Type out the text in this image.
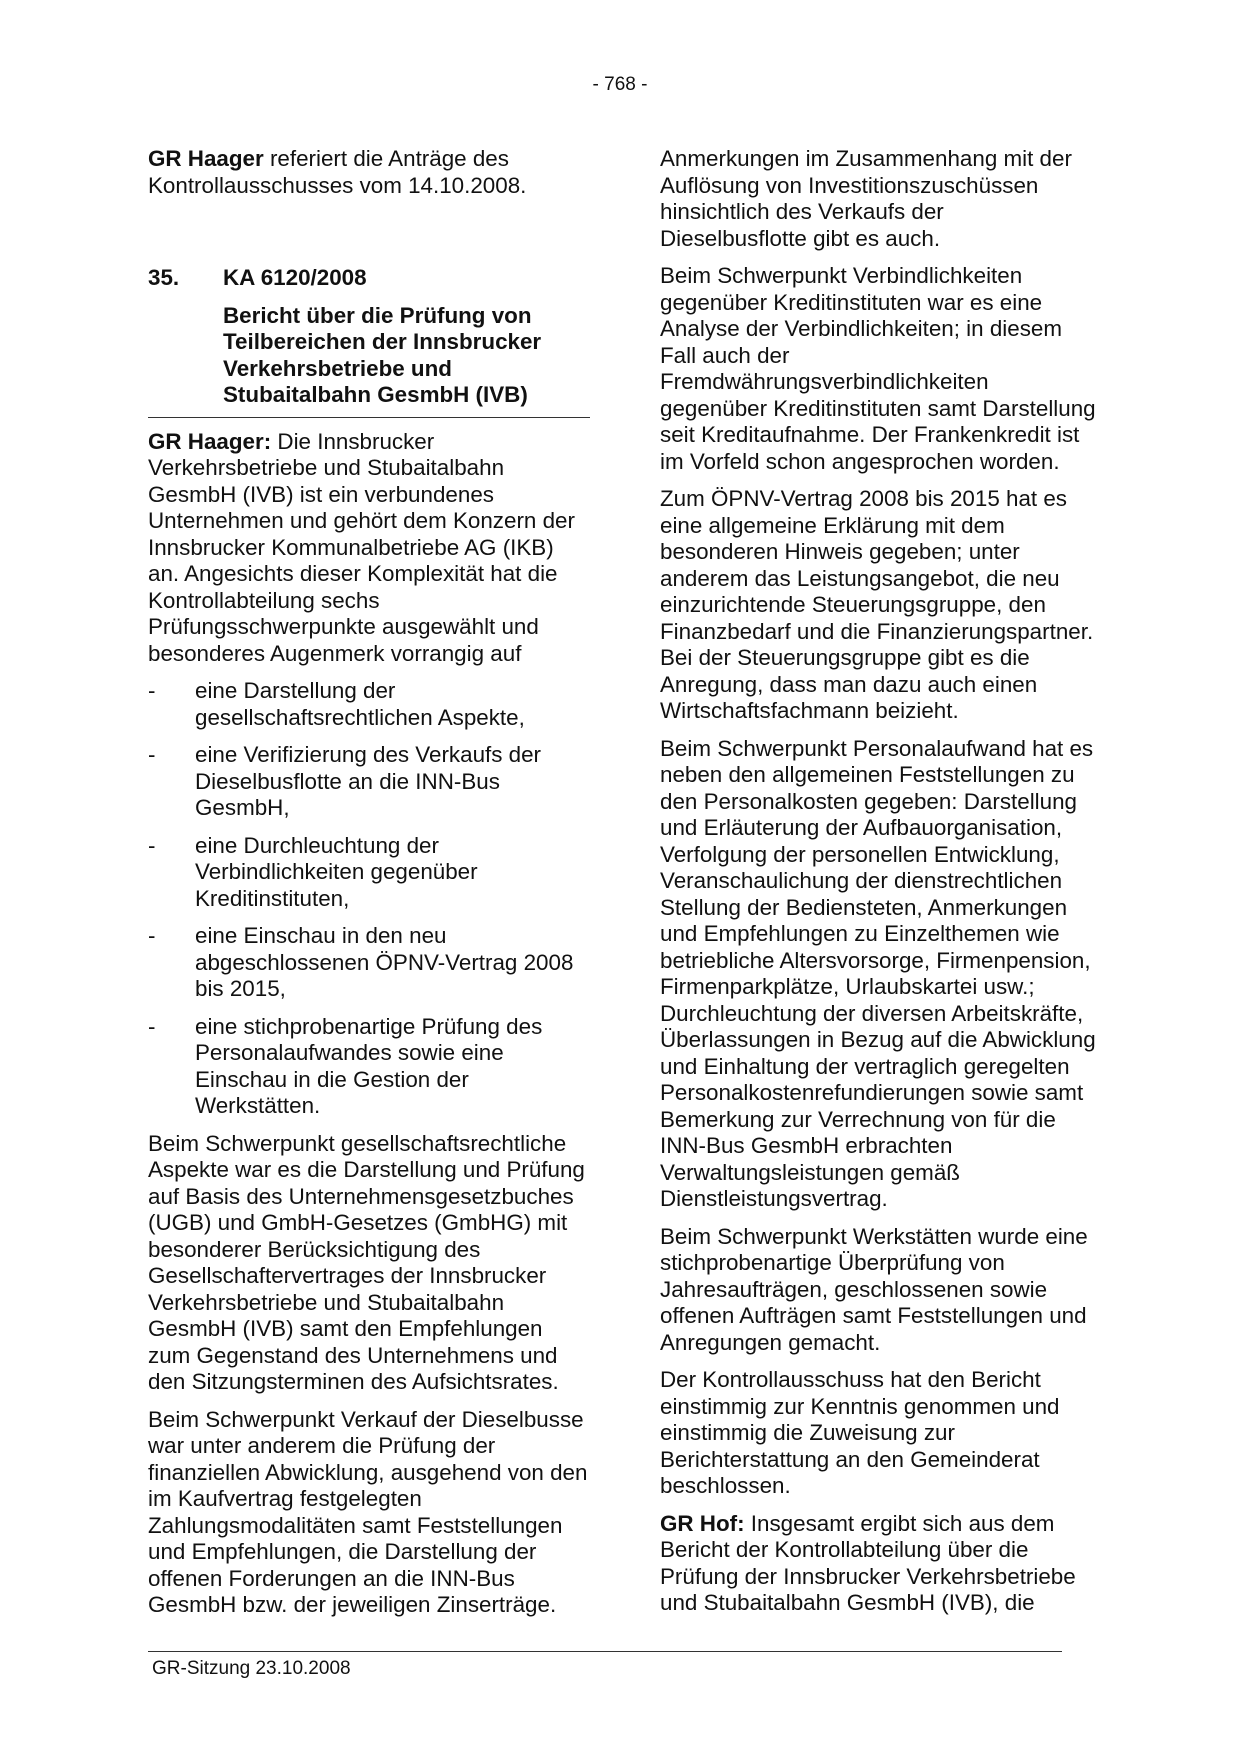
- 768 -

GR Haager referiert die Anträge des Kontrollausschusses vom 14.10.2008.

35.	KA 6120/2008
Bericht über die Prüfung von Teilbereichen der Innsbrucker Verkehrsbetriebe und Stubaitalbahn GesmbH (IVB)

GR Haager: Die Innsbrucker Verkehrsbetriebe und Stubaitalbahn GesmbH (IVB) ist ein verbundenes Unternehmen und gehört dem Konzern der Innsbrucker Kommunalbetriebe AG (IKB) an. Angesichts dieser Komplexität hat die Kontrollabteilung sechs Prüfungsschwerpunkte ausgewählt und besonderes Augenmerk vorrangig auf

-	eine Darstellung der gesellschaftsrechtlichen Aspekte,
-	eine Verifizierung des Verkaufs der Dieselbusflotte an die INN-Bus GesmbH,
-	eine Durchleuchtung der Verbindlichkeiten gegenüber Kreditinstituten,
-	eine Einschau in den neu abgeschlossenen ÖPNV-Vertrag 2008 bis 2015,
-	eine stichprobenartige Prüfung des Personalaufwandes sowie eine Einschau in die Gestion der Werkstätten.

Beim Schwerpunkt gesellschaftsrechtliche Aspekte war es die Darstellung und Prüfung auf Basis des Unternehmensgesetzbuches (UGB) und GmbH-Gesetzes (GmbHG) mit besonderer Berücksichtigung des Gesellschaftervertrages der Innsbrucker Verkehrsbetriebe und Stubaitalbahn GesmbH (IVB) samt den Empfehlungen zum Gegenstand des Unternehmens und den Sitzungsterminen des Aufsichtsrates.

Beim Schwerpunkt Verkauf der Dieselbusse war unter anderem die Prüfung der finanziellen Abwicklung, ausgehend von den im Kaufvertrag festgelegten Zahlungsmodalitäten samt Feststellungen und Empfehlungen, die Darstellung der offenen Forderungen an die INN-Bus GesmbH bzw. der jeweiligen Zinserträge.

Anmerkungen im Zusammenhang mit der Auflösung von Investitionszuschüssen hinsichtlich des Verkaufs der Dieselbusflotte gibt es auch.

Beim Schwerpunkt Verbindlichkeiten gegenüber Kreditinstituten war es eine Analyse der Verbindlichkeiten; in diesem Fall auch der Fremdwährungsverbindlichkeiten gegenüber Kreditinstituten samt Darstellung seit Kreditaufnahme. Der Frankenkredit ist im Vorfeld schon angesprochen worden.

Zum ÖPNV-Vertrag 2008 bis 2015 hat es eine allgemeine Erklärung mit dem besonderen Hinweis gegeben; unter anderem das Leistungsangebot, die neu einzurichtende Steuerungsgruppe, den Finanzbedarf und die Finanzierungspartner. Bei der Steuerungsgruppe gibt es die Anregung, dass man dazu auch einen Wirtschaftsfachmann beizieht.

Beim Schwerpunkt Personalaufwand hat es neben den allgemeinen Feststellungen zu den Personalkosten gegeben: Darstellung und Erläuterung der Aufbauorganisation, Verfolgung der personellen Entwicklung, Veranschaulichung der dienstrechtlichen Stellung der Bediensteten, Anmerkungen und Empfehlungen zu Einzelthemen wie betriebliche Altersvorsorge, Firmenpension, Firmenparkplätze, Urlaubskartei usw.; Durchleuchtung der diversen Arbeitskräfte, Überlassungen in Bezug auf die Abwicklung und Einhaltung der vertraglich geregelten Personalkostenrefundierungen sowie samt Bemerkung zur Verrechnung von für die INN-Bus GesmbH erbrachten Verwaltungsleistungen gemäß Dienstleistungsvertrag.

Beim Schwerpunkt Werkstätten wurde eine stichprobenartige Überprüfung von Jahresaufträgen, geschlossenen sowie offenen Aufträgen samt Feststellungen und Anregungen gemacht.

Der Kontrollausschuss hat den Bericht einstimmig zur Kenntnis genommen und einstimmig die Zuweisung zur Berichterstattung an den Gemeinderat beschlossen.

GR Hof: Insgesamt ergibt sich aus dem Bericht der Kontrollabteilung über die Prüfung der Innsbrucker Verkehrsbetriebe und Stubaitalbahn GesmbH (IVB), die

GR-Sitzung 23.10.2008
